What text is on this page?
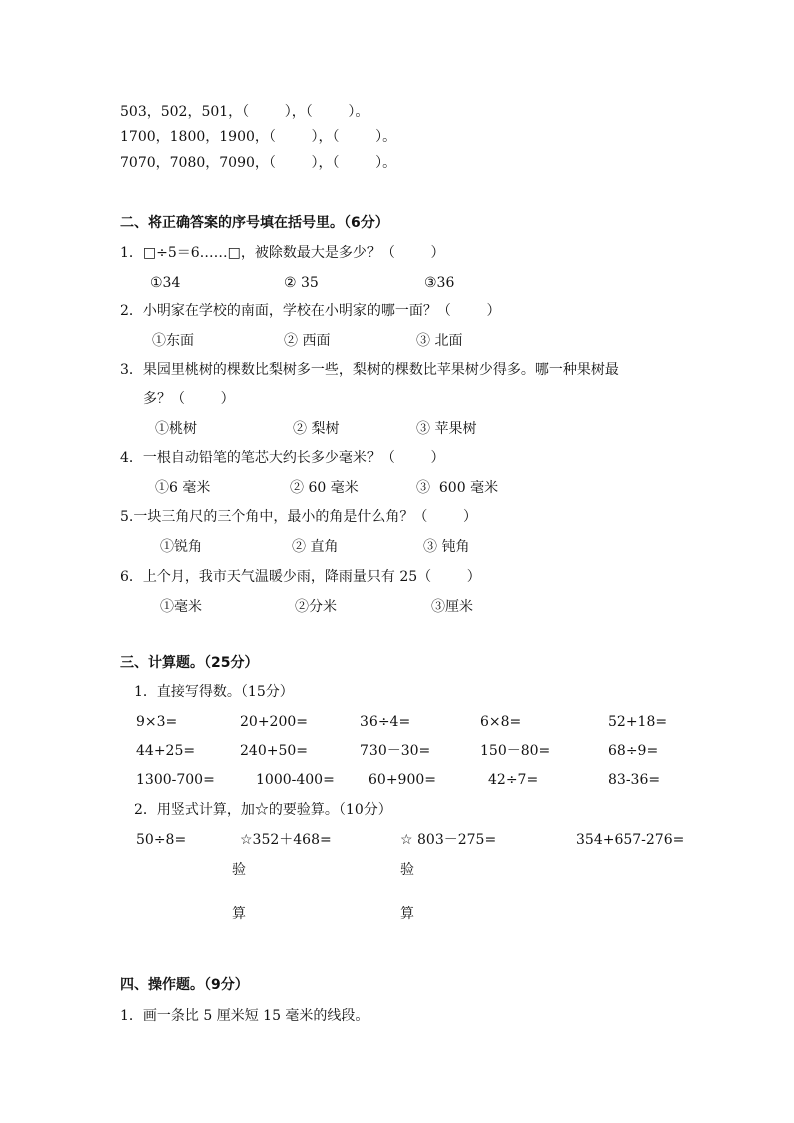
503，502，501，（        ），（        ）。
1700，1800，1900，（        ），（        ）。
7070，7080，7090，（        ），（        ）。
二、将正确答案的序号填在括号里。（6分）
1．□÷5＝6……□，被除数最大是多少？（        ）
①34	② 35	③36
2．小明家在学校的南面，学校在小明家的哪一面？（        ）
①东面	② 西面	③ 北面
3．果园里桃树的棵数比梨树多一些，梨树的棵数比苹果树少得多。哪一种果树最
多？（        ）
①桃树	② 梨树	③ 苹果树
4．一根自动铅笔的笔芯大约长多少毫米？（        ）
①6 毫米	② 60 毫米	③  600 毫米
5.一块三角尺的三个角中，最小的角是什么角？（        ）
①锐角	② 直角	③ 钝角
6．上个月，我市天气温暖少雨，降雨量只有 25（        ）
①毫米	②分米	③厘米
三、计算题。（25分）
1．直接写得数。（15分）
9×3=	20+200=	36÷4=	6×8=	52+18=
44+25=	240+50=	730－30=	150－80=	68÷9=
1300-700=	1000-400= 60+900=	42÷7=	83-36=
2．用竖式计算，加☆的要验算。（10分）
50÷8=	☆352＋468=	☆ 803－275=	354+657-276=
验	验
算	算
四、操作题。（9分）
1．画一条比 5 厘米短 15 毫米的线段。
